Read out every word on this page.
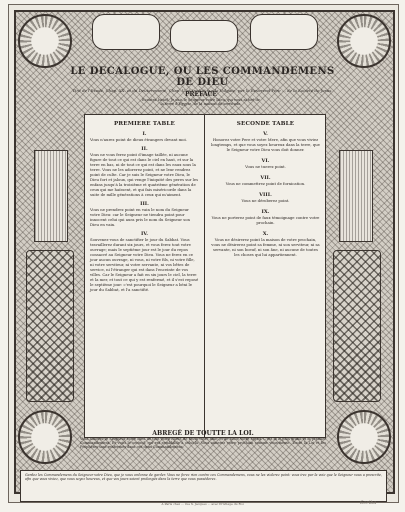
LE DECALOGUE, OU LES COMMANDEMENS DE DIEU
Tiré de l'Exode, Chap. XX. et du Deuteronome, Chap. V. et traduit sur la Vulgate, par le Reverend Pere ... de la Societé de Jesus.
PREFACE
Ecoutez Israël: Je suis le Seigneur votre Dieu, qui vous ai tiré de la terre d'Egypte, de la maison de servitude.
PREMIERE TABLE
I.
Vous n'aurez point de dieux étrangers devant moi.
II.
Vous ne vous ferez point d'image taillée, ni aucune figure de tout ce qui est dans le ciel en haut, et sur la terre en bas, ni de tout ce qui est dans les eaux sous la terre. Vous ne les adorerez point, et ne leur rendrez point de culte. Car je suis le Seigneur votre Dieu, le Dieu fort et jaloux, qui venge l'iniquité des peres sur les enfans jusqu'à la troisième et quatrième génération de ceux qui me haïssent, et qui fais miséricorde dans la suite de mille générations à ceux qui m'aiment.
III.
Vous ne prendrez point en vain le nom du Seigneur votre Dieu: car le Seigneur ne tiendra point pour innocent celui qui aura pris le nom du Seigneur son Dieu en vain.
IV.
Souvenez-vous de sanctifier le jour du Sabbat. Vous travaillerez durant six jours, et vous ferez tout votre ouvrage; mais le septième jour est le jour du repos consacré au Seigneur votre Dieu. Vous ne ferez en ce jour aucun ouvrage, ni vous, ni votre fils, ni votre fille, ni votre serviteur, ni votre servante, ni vos bêtes de service, ni l'étranger qui est dans l'enceinte de vos villes. Car le Seigneur a fait en six jours le ciel, la terre et la mer, et tout ce qui y est renfermé, et il s'est reposé le septième jour: c'est pourquoi le Seigneur a béni le jour du Sabbat, et l'a sanctifié.
SECONDE TABLE
V.
Honorez votre Pere et votre Mere, afin que vous viviez longtemps, et que vous soyez heureux dans la terre, que le Seigneur votre Dieu vous doit donner.
VI.
Vous ne tuerez point.
VII.
Vous ne commettrez point de fornication.
VIII.
Vous ne déroberez point.
IX.
Vous ne porterez point de faux témoignage contre votre prochain.
X.
Vous ne désirerez point la maison de votre prochain, vous ne désirerez point sa femme, ni son serviteur, ni sa servante, ni son boeuf, ni son âne, ni aucune de toutes les choses qui lui appartiennent.
ABREGÉ DE TOUTTE LA LOI.
Vous aimerez le Seigneur votre Dieu de tout votre coeur, de toute votre ame, et de toute votre esprit. C'est là le plus grand et le premier Commandement. Et voici le second, qui est semblable à celui-là: Vous aimerez votre prochain comme vous-même. Toute la Loi et les Prophètes sont renfermés dans ces deux Commandemens.
Gardez les Commandemens du Seigneur votre Dieu, que je vous ordonne de garder. Vous ne ferez rien contre ces Commandemens, vous ne les violerez point: vous irez par la voie que le Seigneur vous a prescrite, afin que vous viviez, que vous soyez heureux, et que vos jours soient prolongés dans la terre que vous posséderez.
A Paris chez ... rue S. Jacques ... avec Privilège du Roi	Scriba
